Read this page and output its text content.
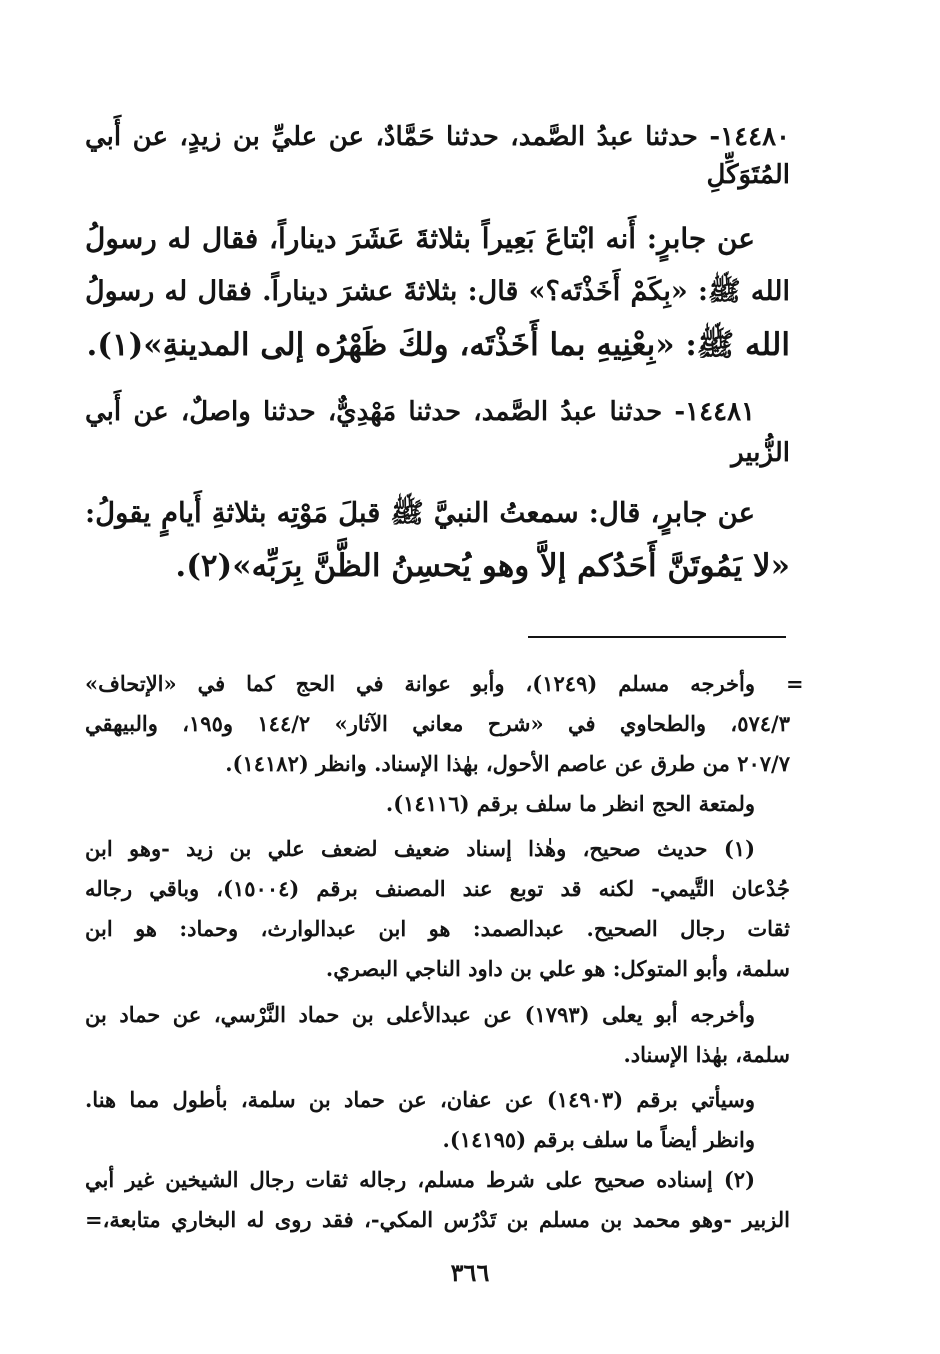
١٤٤٨٠- حدثنا عبدُ الصَّمد، حدثنا حَمَّادٌ، عن عليِّ بن زيدٍ، عن أَبي
المُتَوَكِّلِ
عن جابرٍ: أَنه ابْتاعَ بَعِيراً بثلاثةَ عَشَرَ ديناراً، فقال له رسولُ
الله ﷺ: «بِكَمْ أَخَذْتَه؟» قال: بثلاثةَ عشرَ ديناراً. فقال له رسولُ
الله ﷺ: «بِعْنِيهِ بما أَخَذْتَه، ولكَ ظَهْرُه إلى المدينةِ»(١).
١٤٤٨١- حدثنا عبدُ الصَّمد، حدثنا مَهْدِيٌّ، حدثنا واصلٌ، عن أَبي
الزُّبير
عن جابرٍ، قال: سمعتُ النبيَّ ﷺ قبلَ مَوْتِه بثلاثةِ أَيامٍ يقولُ:
«لا يَمُوتَنَّ أَحَدُكم إلاَّ وهو يُحسِنُ الظَّنَّ بِرَبِّه»(٢).
=
وأخرجه مسلم (١٢٤٩)، وأبو عوانة في الحج كما في «الإتحاف»
٥٧٤/٣، والطحاوي في «شرح معاني الآثار» ١٤٤/٢ و١٩٥، والبيهقي
٢٠٧/٧ من طرق عن عاصم الأحول، بهٰذا الإسناد. وانظر (١٤١٨٢).
ولمتعة الحج انظر ما سلف برقم (١٤١١٦).
(١) حديث صحيح، وهٰذا إسناد ضعيف لضعف علي بن زيد -وهو ابن
جُدْعان التَّيمي- لكنه قد توبع عند المصنف برقم (١٥٠٠٤)، وباقي رجاله
ثقات رجال الصحيح. عبدالصمد: هو ابن عبدالوارث، وحماد: هو ابن
سلمة، وأبو المتوكل: هو علي بن داود الناجي البصري.
وأخرجه أبو يعلى (١٧٩٣) عن عبدالأعلى بن حماد النَّرْسي، عن حماد بن
سلمة، بهٰذا الإسناد.
وسيأتي برقم (١٤٩٠٣) عن عفان، عن حماد بن سلمة، بأطول مما هنا.
وانظر أيضاً ما سلف برقم (١٤١٩٥).
(٢) إسناده صحيح على شرط مسلم، رجاله ثقات رجال الشيخين غير أبي
الزبير -وهو محمد بن مسلم بن تَدْرُس المكي-، فقد روى له البخاري متابعة،=
٣٦٦
